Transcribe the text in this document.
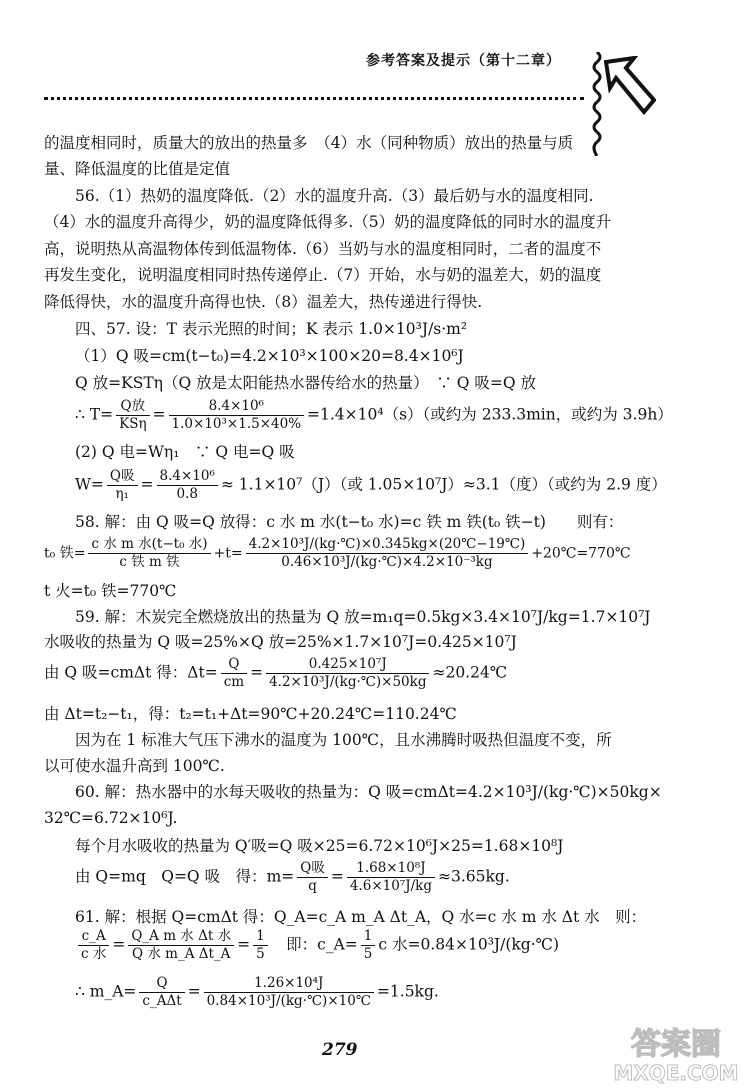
参考答案及提示（第十二章）
的温度相同时，质量大的放出的热量多　（4）水（同种物质）放出的热量与质
量、降低温度的比值是定值
56.（1）热奶的温度降低.（2）水的温度升高.（3）最后奶与水的温度相同.
（4）水的温度升高得少，奶的温度降低得多.（5）奶的温度降低的同时水的温度升
高，说明热从高温物体传到低温物体.（6）当奶与水的温度相同时，二者的温度不
再发生变化，说明温度相同时热传递停止.（7）开始，水与奶的温差大，奶的温度
降低得快，水的温度升高得也快.（8）温差大，热传递进行得快.
四、57. 设：T 表示光照的时间；K 表示 1.0×10³J/s·m²
（1）Q 吸=cm(t−t₀)=4.2×10³×100×20=8.4×10⁶J
Q 放=KSTη（Q 放是太阳能热水器传给水的热量）　∵ Q 吸=Q 放
∴ $T= \frac{\text{Q放}}{\text{KSη}} = \frac{\text{8.4×10⁶}}{\text{1.0×10³×1.5×40\%}} =1.4\times 10^4(s)$（或约为 233.3min，或约为 3.9h）
(2) Q 电=Wη₁　∵ Q 电=Q 吸
$W= \frac{\text{Q吸}}{\text{η₁}} = \frac{\text{8.4×10⁶}}{0.8} \approx 1.1\times 10^7(J)$（或 1.05×10⁷J）≈3.1（度）（或约为 2.9 度）
58. 解：由 Q 吸=Q 放得：c 水 m 水(t−t₀ 水)=c 铁 m 铁(t₀ 铁−t)　　则有：
t₀ 铁= $\frac{\text{c 水 m 水(t−t₀ 水)}}{\text{c 铁 m 铁}} +t= \frac{\text{4.2×10³J/(kg·℃)×0.345kg×(20℃−19℃)}}{\text{0.46×10³J/(kg·℃)×4.2×10⁻³kg}}$ +20℃=770℃
t 火=t₀ 铁=770℃
59. 解：木炭完全燃烧放出的热量为 Q 放=m₁q=0.5kg×3.4×10⁷J/kg=1.7×10⁷J
水吸收的热量为 Q 吸=25%×Q 放=25%×1.7×10⁷J=0.425×10⁷J
由 Q 吸=cmΔt 得：$\Delta t= \frac{Q}{cm} = \frac{\text{0.425×10⁷J}}{\text{4.2×10³J/(kg·℃)×50kg}}$ ≈20.24℃
由 Δt=t₂−t₁，得：t₂=t₁+Δt=90℃+20.24℃=110.24℃
因为在 1 标准大气压下沸水的温度为 100℃，且水沸腾时吸热但温度不变，所
以可使水温升高到 100℃.
60. 解：热水器中的水每天吸收的热量为：Q 吸=cmΔt=4.2×10³J/(kg·℃)×50kg×
32℃=6.72×10⁶J.
每个月水吸收的热量为 Q′吸=Q 吸×25=6.72×10⁶J×25=1.68×10⁸J
由 Q=mq　Q=Q 吸　得：$m= \frac{\text{Q吸}}{q} = \frac{\text{1.68×10⁸J}}{\text{4.6×10⁷J/kg}} \approx 3.65kg$.
61. 解：根据 Q=cmΔt 得：Q_A=c_A m_A Δt_A，Q 水=c 水 m 水 Δt 水　则：
$\frac{c\_A}{\text{c 水}} = \frac{\text{Q\_A m 水 Δt 水}}{\text{Q 水 m\_A Δt\_A}} = \frac{1}{5}$ 　即：c_A= $\frac{1}{5}$ c 水=0.84×10³J/(kg·℃)
∴ m_A= $\frac{Q}{\text{c\_AΔt}} = \frac{\text{1.26×10⁴J}}{\text{0.84×10³J/(kg·℃)×10℃}} =1.5kg$.
279	答案圈
MXQE.COM
